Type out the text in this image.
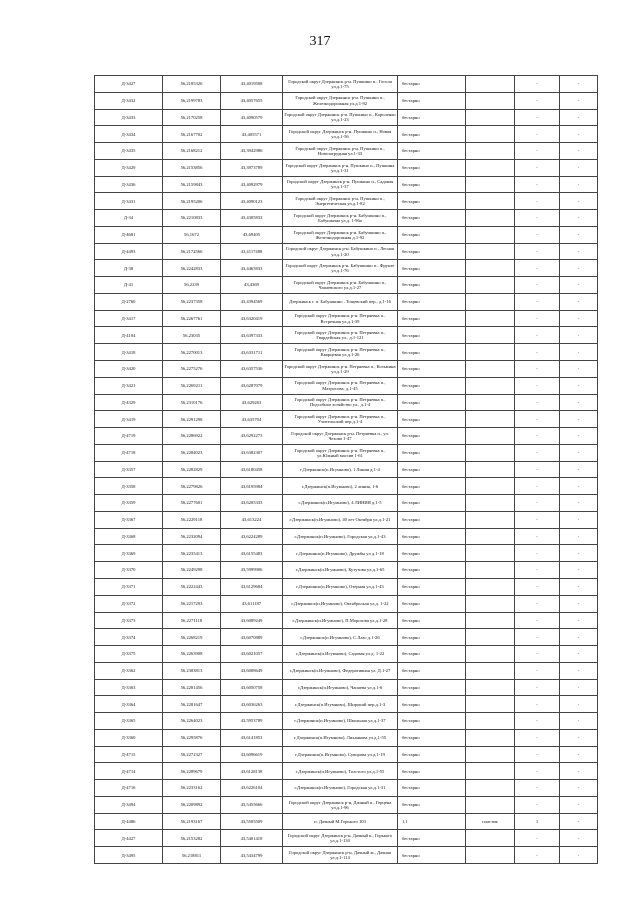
317
Д-3427	56,2185326	43,4019508	Городской округ Дзержинск р-н. Пушкино п., Гоголя ул.д.1-75	бестарно		-	-
Д-3432	56,2199783	43,4057655	Городской округ Дзержинск р-н. Пушкино п., Железнодорожная ул.д.1-92	бестарно		-	-
Д-3433	56,2170258	43,4090579	Городской округ Дзержинск р-н. Пушкино п., Короленко ул.д.1-23	бестарно		-	-
Д-3434	56,2167702	43,405571	Городской округ Дзержинск р-н. Пушкино п., Новая ул.д.1-56	бестарно		-	-
Д-3435	56,2168212	43,3942986	Городской округ Дзержинск р-н. Пушкино п., Новозагрудняя ул.1-33	бестарно		-	-
Д-3429	56,2153856	43,3973789	Городской округ Дзержинск р-н. Пушкино п., Пушкина ул.д.1-31	бестарно		-	-
Д-3436	56,2159843	43,4092979	Городской округ Дзержинск р-н. Пушкино п., Садовая ул.д.1-37	бестарно		-	-
Д-3431	56,2195206	43,4090123	Городской округ Дзержинск р-н. Пушкино п., Энергетическая ул.д.1-82	бестарно		-	-
Д-34	56,2210833	43,4305833	Городской округ Дзержинск р-н. Бабушкино п., Бабушкина ул.д. 1-96а	бестарно		-	-
Д-4681	56,1672	43,69405	Городской округ Дзержинск р-н. Бабушкино п., Железнодорожная д.1-92	бестарно		-	-
Д-4493	56,2172566	43,4117488	Городской округ Дзержинск р-н. Бабушкино п., Лесная ул.д.1-20	бестарно		-	-
Д-38	56,2242833	43,4465833	Городской округ Дзержинск р-н. Бабушкино п., Фрунзе ул.д.1-76	бестарно		-	-
Д-41	56,2239	43,4369	Городской округ Дзержинск р-н. Бабушкино п., Чапаевского ул.д.1-27	бестарно		-	-
Д-2760	56,2237358	43,4394569	Дзержинск г. п. Бабушкино , Тощевский пер., д.1-16	бестарно		-	-
Д-3417	56,2267761	43,6320419	Городской округ Дзержинск р-н. Петряевка п., Встречная ул.д.1-39	бестарно		-	-
Д-4104	56,23035	43,6397333	Городской округ Дзержинск р-н. Петряевка п., Гвардейская ул., д.1-121	бестарно		-	-
Д-3418	56,2270013	43,6331711	Городской округ Дзержинск р-н. Петряевка п., Кварцевая ул.д.1-26	бестарно		-	-
Д-3420	56,2275276	43,6357536	Городской округ Дзержинск р-н. Петряевка п., Козьмина ул.д.1-29	бестарно		-	-
Д-3421	56,2269211	43,6287079	Городской округ Дзержинск р-н. Петряевка п., Матросова, д.1-45	бестарно		-	-
Д-4329	56,2310176	43,629263	Городской округ Дзержинск р-н. Петряевка п., Подсобное хозяйство ул., д.1-4	бестарно		-	-
Д-3419	56,2291298	43,635704	Городской округ Дзержинск р-н. Петряевка п., Учительский пер.д.1-4	бестарно		-	-
Д-4719	56,2286922	43,6292273	Городской округ Дзержинск р-н. Петряевка п., ул. Чехова 1-47	бестарно		-	-
Д-4718	56,2284023	43,6382307	Городской округ Дзержинск р-н. Петряевка п., ул.Южный массив 1-61	бестарно		-	-
Д-3357	56,2282829	43,6180458	г.Дзержинск(п.Игумново), 1 Линия д.1-4	бестарно		-	-
Д-3358	56,2279826	43,6195984	г.Дзержинск(п.Игумново), 2 линия, 1-6	бестарно		-	-
Д-3359	56,2277601	43,6205333	г.Дзержинск(п.Игумново), 4 ЛИНИЯ д.1-5	бестарно		-	-
Д-3367	56,2229118	43,613224	г.Дзержинск(п.Игумново), 40 лет Октября ул.д.1-21	бестарно		-	-
Д-3368	56,2232094	43,6224289	г.Дзержинск(п.Игумново), Городская ул.д.1-43	бестарно		-	-
Д-3369	56,2235413	43,6155483	г.Дзержинск(п.Игумново), Дружбы ул д.1-18	бестарно		-	-
Д-3370	56,2249298	43,5999906	г.Дзержинск(п.Игумново), Кутузова ул.д.1-65	бестарно		-	-
Д-3371	56,2222443	43,6129684	г.Дзержинск(п.Игумново), Озерная ул.д.1-43	бестарно		-	-
Д-3372	56,2217293	43,611187	г.Дзержинск(п.Игумново), Октябрьская ул.д. 1-22	бестарно		-	-
Д-3373	56,2271118	43,6089249	г.Дзержинск(п.Игумново), П.Морозова ул.д.1-28	бестарно		-	-
Д-3374	56,2268219	43,6070889	г.Дзержинск(п.Игумново), С.Лазо д.1-26	бестарно		-	-
Д-3375	56,2263908	43,6021057	г.Дзержинск(п.Игумново), Садовая ул.д. 1-22	бестарно		-	-
Д-3362	56,2383813	43,6008649	г.Дзержинск(п.Игумново), Федеративная ул. Д.1-27	бестарно		-	-
Д-3363	56,2281456	43,6050758	г.Дзержинск(п.Игумново), Чапаева ул.д.1-6	бестарно		-	-
Д-3364	56,2281647	43,6036263	г.Дзержинск(п.Игумново), Широкий пер.д.1-3	бестарно		-	-
Д-3365	56,2264023	43,5953789	г.Дзержинск(п.Игумново), Школьная ул.д.1-37	бестарно		-	-
Д-3360	56,2295876	43,6141853	г.Дзержинск(п.Игумново), Лиханкова ул.д.1-55	бестарно		-	-
Д-4715	56,2272327	43,6096619	г.Дзержинск(п.Игумново), Суворова ул.д.1-19	бестарно		-	-
Д-4714	56,2289679	43,6128138	г.Дзержинск(п.Игумново), Толстого ул.д.1-55	бестарно		-	-
Д-4716	56,2233162	43,6226104	г.Дзержинск(п.Игумново), Городская ул.д.1-31	бестарно		-	-
Д-3494	56,2209892	43,5455666	Городской округ Дзержинск р-н, Дачный п., Герцена ул.д.1-96	бестарно		-	-
Д-4486	56,2193167	43,5505509	п. Дачный М.Горького 103	1,1	пластик	1	-
Д-4427	56,2153282	43,5401418	Городской округ Дзержинск р-н, Дачный к., Горького ул.д.1-130	бестарно		-	-
Д-3495	56,218811	43,5434799	Городской округ Дзержинск р-н, Дачный ж., Дачная ул.д.1-114	бестарно		-	-
